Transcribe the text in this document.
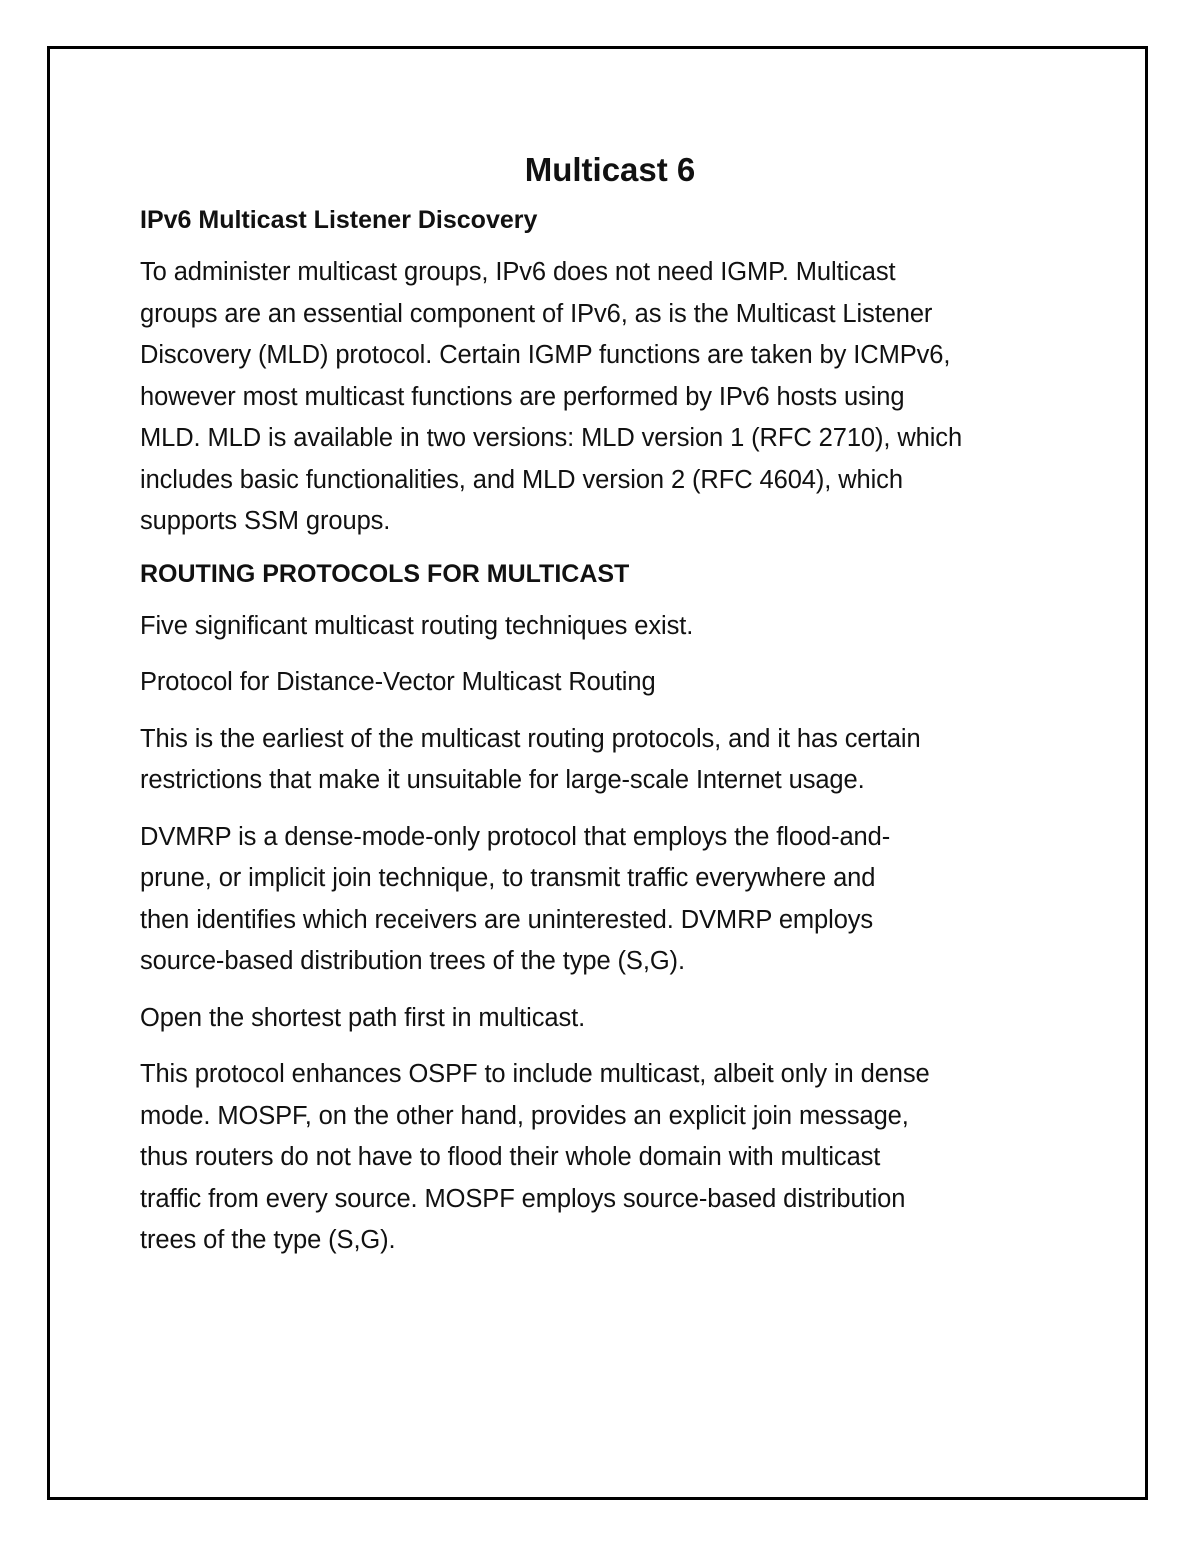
Multicast 6
IPv6 Multicast Listener Discovery
To administer multicast groups, IPv6 does not need IGMP. Multicast
groups are an essential component of IPv6, as is the Multicast Listener
Discovery (MLD) protocol. Certain IGMP functions are taken by ICMPv6,
however most multicast functions are performed by IPv6 hosts using
MLD. MLD is available in two versions: MLD version 1 (RFC 2710), which
includes basic functionalities, and MLD version 2 (RFC 4604), which
supports SSM groups.
ROUTING PROTOCOLS FOR MULTICAST
Five significant multicast routing techniques exist.
Protocol for Distance-Vector Multicast Routing
This is the earliest of the multicast routing protocols, and it has certain
restrictions that make it unsuitable for large-scale Internet usage.
DVMRP is a dense-mode-only protocol that employs the flood-and-
prune, or implicit join technique, to transmit traffic everywhere and
then identifies which receivers are uninterested. DVMRP employs
source-based distribution trees of the type (S,G).
Open the shortest path first in multicast.
This protocol enhances OSPF to include multicast, albeit only in dense
mode. MOSPF, on the other hand, provides an explicit join message,
thus routers do not have to flood their whole domain with multicast
traffic from every source. MOSPF employs source-based distribution
trees of the type (S,G).
